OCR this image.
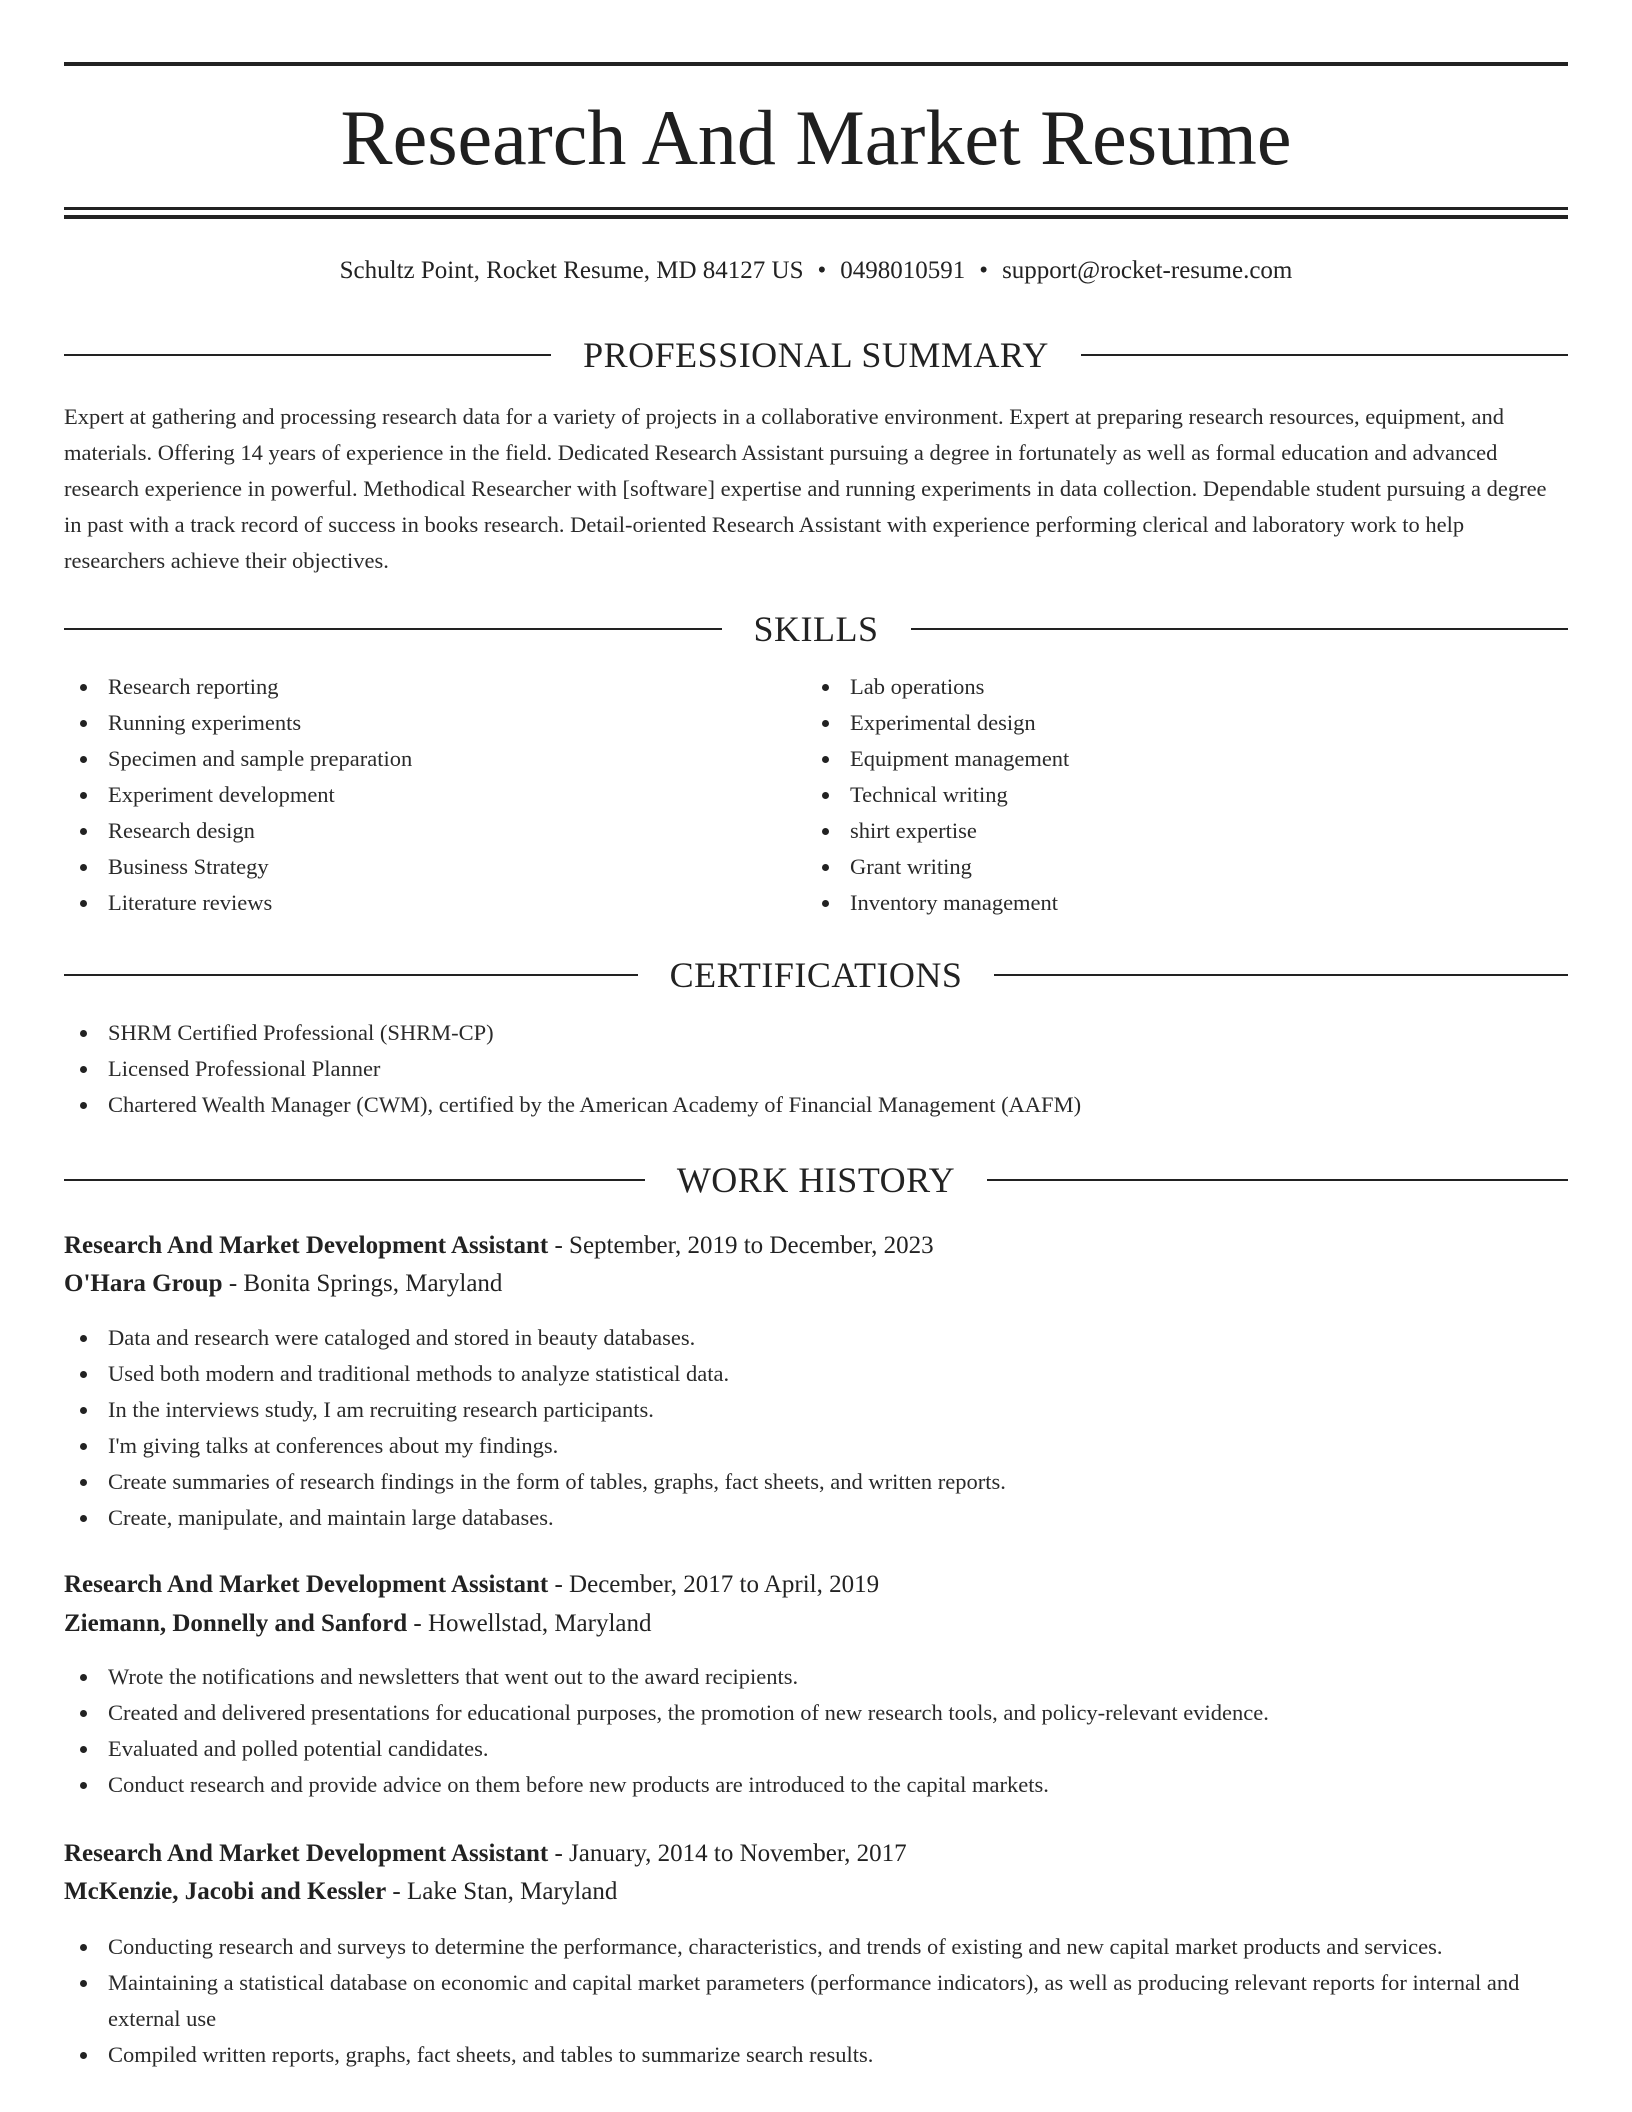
Research And Market Resume
Schultz Point, Rocket Resume, MD 84127 US • 0498010591 • support@rocket-resume.com
PROFESSIONAL SUMMARY

Expert at gathering and processing research data for a variety of projects in a collaborative environment. Expert at preparing research resources, equipment, and materials. Offering 14 years of experience in the field. Dedicated Research Assistant pursuing a degree in fortunately as well as formal education and advanced research experience in powerful. Methodical Researcher with [software] expertise and running experiments in data collection. Dependable student pursuing a degree in past with a track record of success in books research. Detail-oriented Research Assistant with experience performing clerical and laboratory work to help researchers achieve their objectives.

SKILLS
Research reporting
Running experiments
Specimen and sample preparation
Experiment development
Research design
Business Strategy
Literature reviews
Lab operations
Experimental design
Equipment management
Technical writing
shirt expertise
Grant writing
Inventory management
CERTIFICATIONS
SHRM Certified Professional (SHRM-CP)
Licensed Professional Planner
Chartered Wealth Manager (CWM), certified by the American Academy of Financial Management (AAFM)
WORK HISTORY
Research And Market Development Assistant - September, 2019 to December, 2023
O'Hara Group - Bonita Springs, Maryland
Data and research were cataloged and stored in beauty databases.
Used both modern and traditional methods to analyze statistical data.
In the interviews study, I am recruiting research participants.
I'm giving talks at conferences about my findings.
Create summaries of research findings in the form of tables, graphs, fact sheets, and written reports.
Create, manipulate, and maintain large databases.
Research And Market Development Assistant - December, 2017 to April, 2019
Ziemann, Donnelly and Sanford - Howellstad, Maryland
Wrote the notifications and newsletters that went out to the award recipients.
Created and delivered presentations for educational purposes, the promotion of new research tools, and policy-relevant evidence.
Evaluated and polled potential candidates.
Conduct research and provide advice on them before new products are introduced to the capital markets.
Research And Market Development Assistant - January, 2014 to November, 2017
McKenzie, Jacobi and Kessler - Lake Stan, Maryland
Conducting research and surveys to determine the performance, characteristics, and trends of existing and new capital market products and services.
Maintaining a statistical database on economic and capital market parameters (performance indicators), as well as producing relevant reports for internal and external use
Compiled written reports, graphs, fact sheets, and tables to summarize search results.
